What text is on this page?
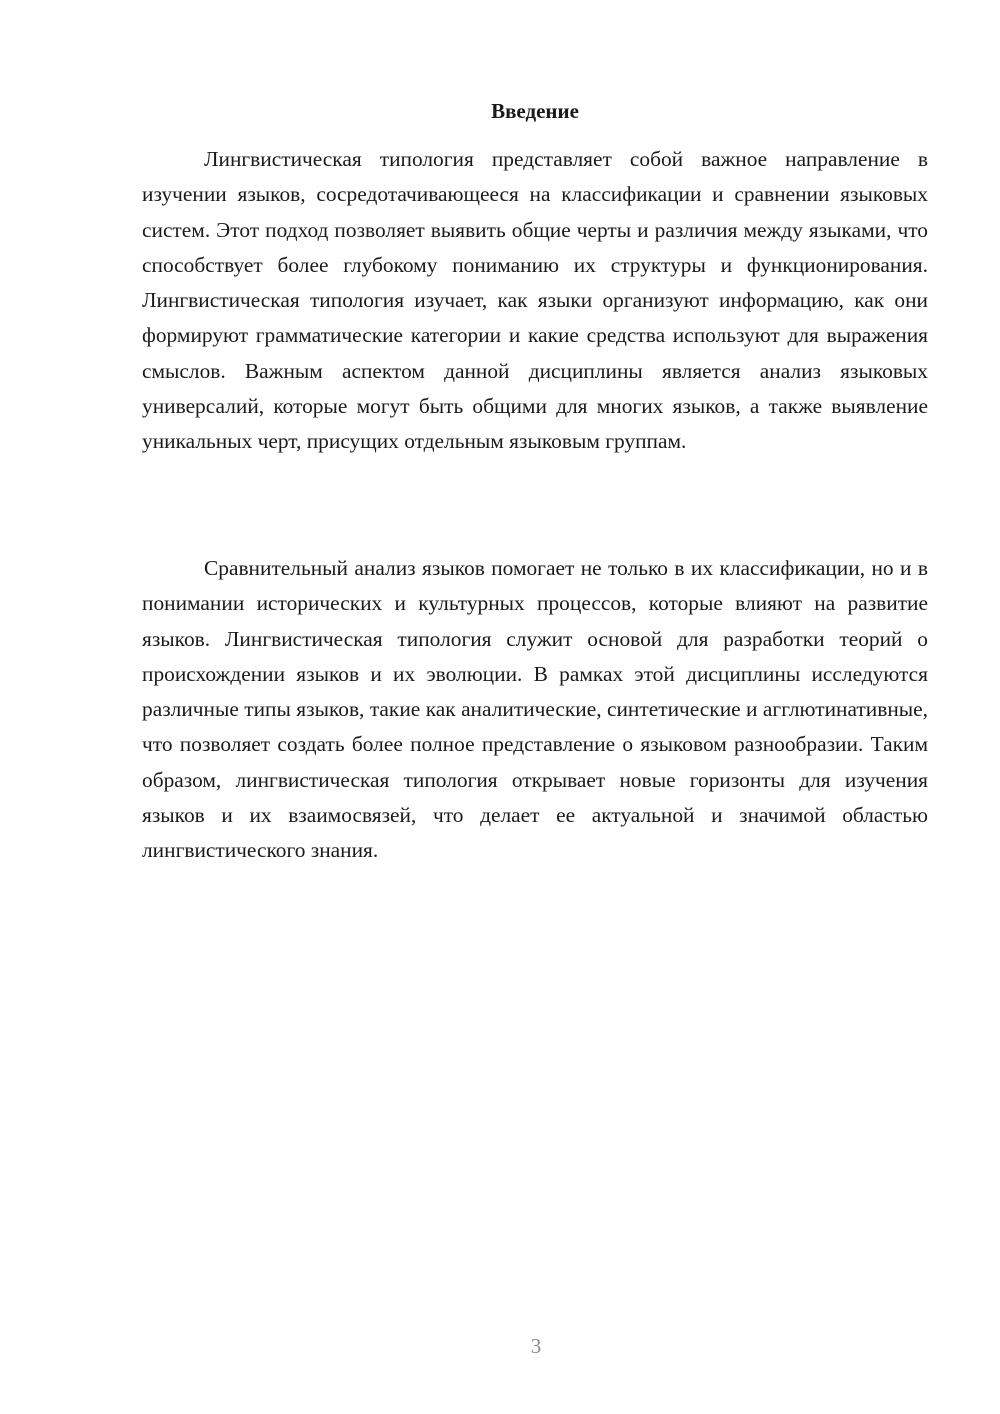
Введение

Лингвистическая типология представляет собой важное направление в изучении языков, сосредотачивающееся на классификации и сравнении языковых систем. Этот подход позволяет выявить общие черты и различия между языками, что способствует более глубокому пониманию их структуры и функционирования. Лингвистическая типология изучает, как языки организуют информацию, как они формируют грамматические категории и какие средства используют для выражения смыслов. Важным аспектом данной дисциплины является анализ языковых универсалий, которые могут быть общими для многих языков, а также выявление уникальных черт, присущих отдельным языковым группам.

Сравнительный анализ языков помогает не только в их классификации, но и в понимании исторических и культурных процессов, которые влияют на развитие языков. Лингвистическая типология служит основой для разработки теорий о происхождении языков и их эволюции. В рамках этой дисциплины исследуются различные типы языков, такие как аналитические, синтетические и агглютинативные, что позволяет создать более полное представление о языковом разнообразии. Таким образом, лингвистическая типология открывает новые горизонты для изучения языков и их взаимосвязей, что делает ее актуальной и значимой областью лингвистического знания.

3
